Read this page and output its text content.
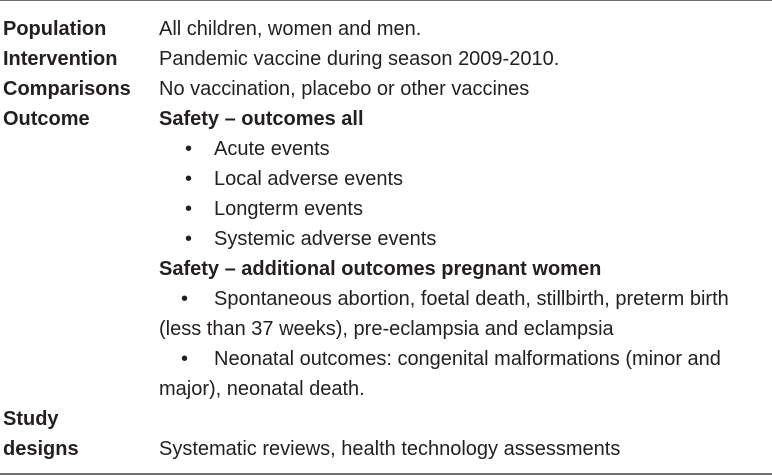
Population	All children, women and men.
Intervention Pandemic vaccine during season 2009-2010.
Comparisons No vaccination, placebo or other vaccines
Outcome	Safety – outcomes all
• Acute events
• Local adverse events
• Longterm events
• Systemic adverse events
Safety – additional outcomes pregnant women
• Spontaneous abortion, foetal death, stillbirth, preterm birth (less than 37 weeks), pre-eclampsia and eclampsia
• Neonatal outcomes: congenital malformations (minor and major), neonatal death.
Study
designs	Systematic reviews, health technology assessments
